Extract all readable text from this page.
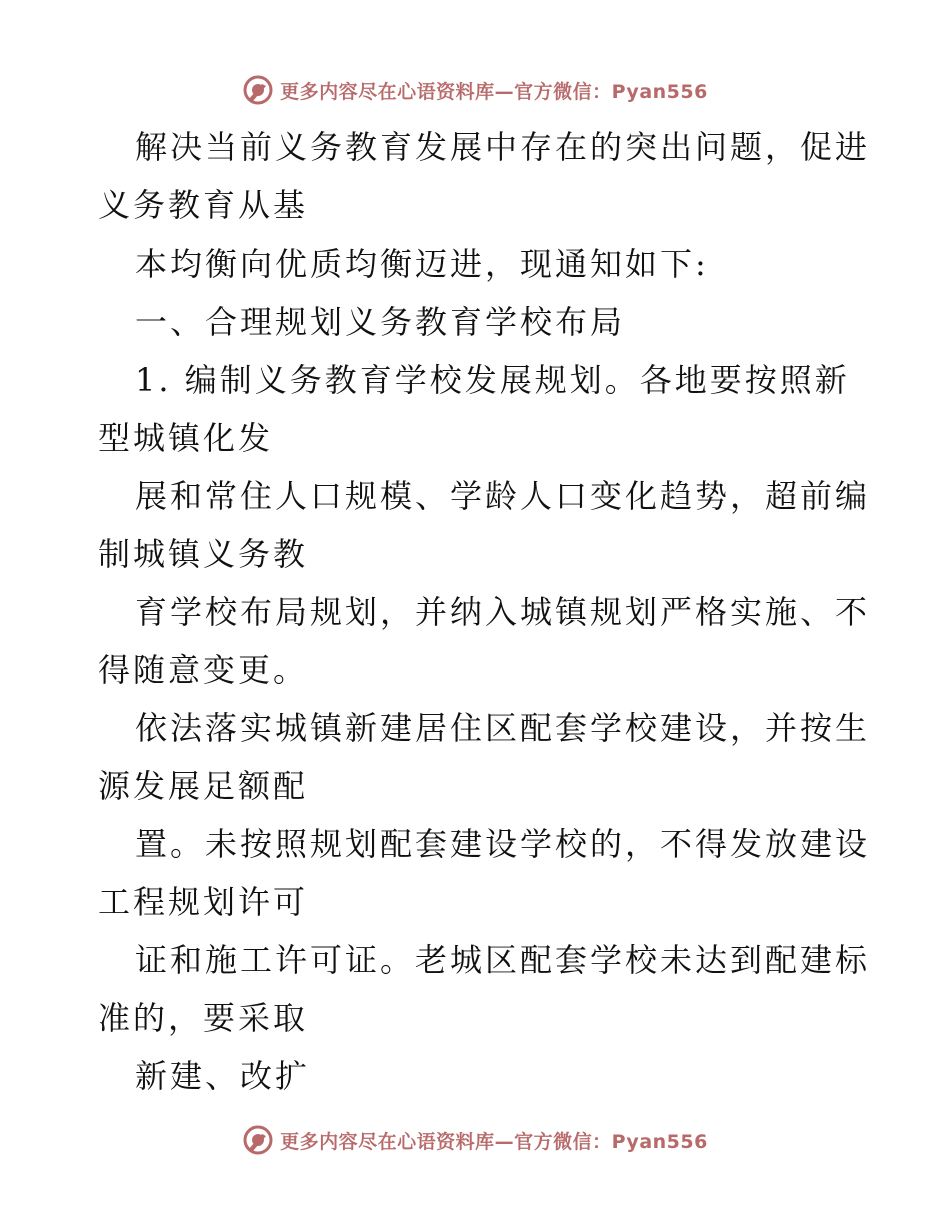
更多内容尽在心语资料库—官方微信：Pyan556
解决当前义务教育发展中存在的突出问题，促进
义务教育从基
本均衡向优质均衡迈进，现通知如下:
一、合理规划义务教育学校布局
1. 编制义务教育学校发展规划。各地要按照新
型城镇化发
展和常住人口规模、学龄人口变化趋势，超前编
制城镇义务教
育学校布局规划，并纳入城镇规划严格实施、不
得随意变更。
依法落实城镇新建居住区配套学校建设，并按生
源发展足额配
置。未按照规划配套建设学校的，不得发放建设
工程规划许可
证和施工许可证。老城区配套学校未达到配建标
准的，要采取
新建、改扩
更多内容尽在心语资料库—官方微信：Pyan556
